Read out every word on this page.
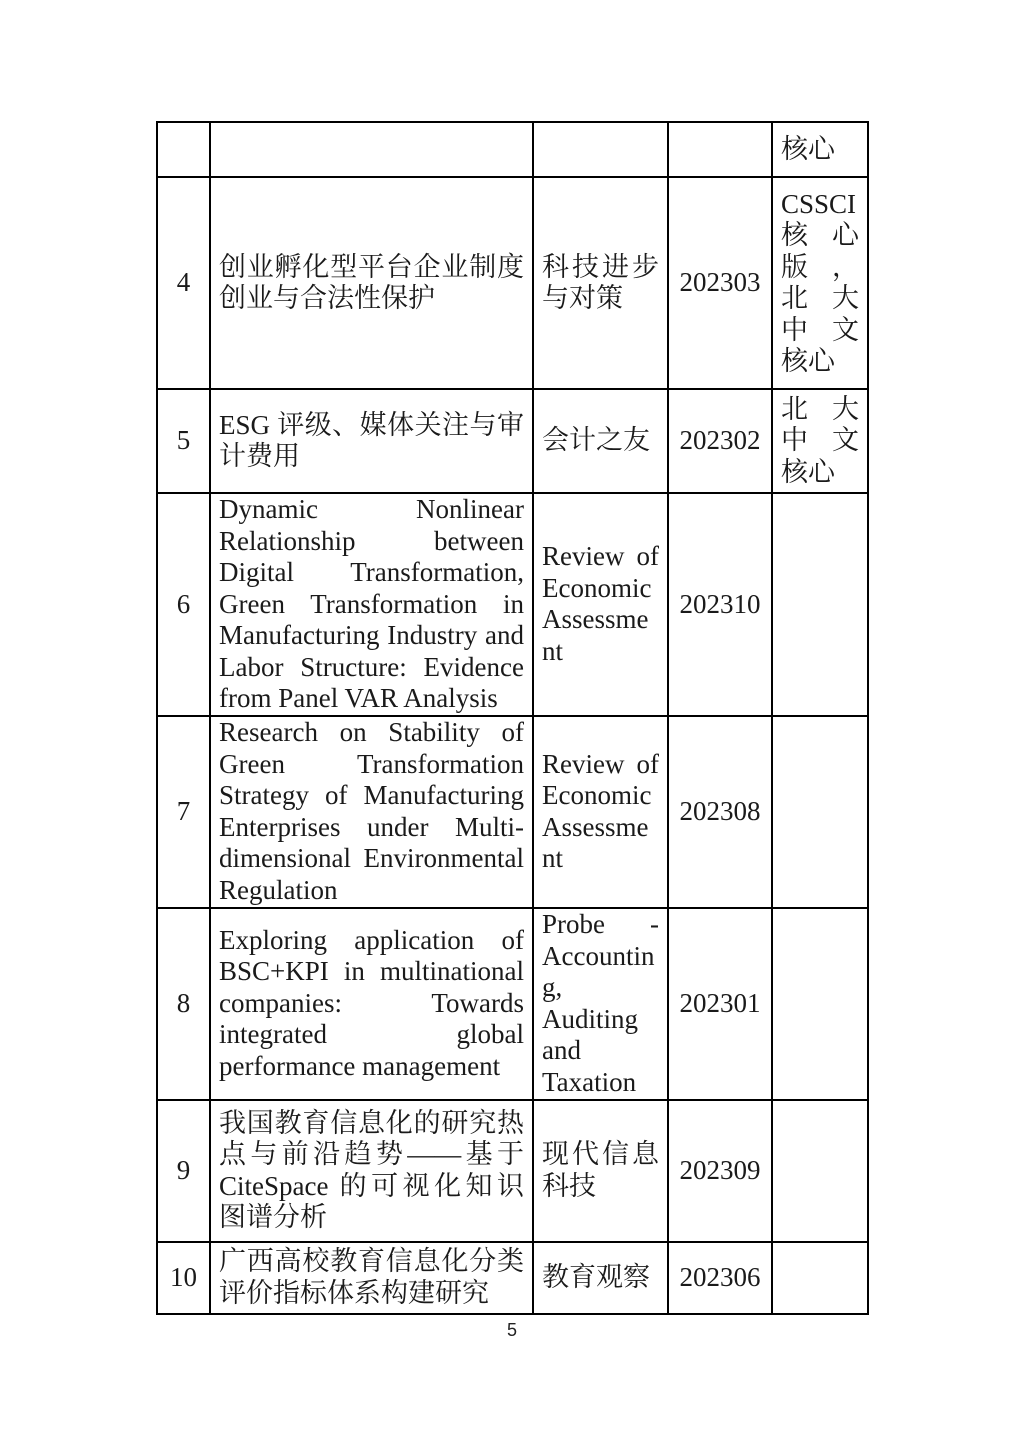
				核心
4	创业孵化型平台企业制度创业与合法性保护	科技进步与对策	202303	CSSCI 核心版，北大中文核心
5	ESG 评级、媒体关注与审计费用	会计之友	202302	北大中文核心
6	Dynamic Nonlinear Relationship between Digital Transformation, Green Transformation in Manufacturing Industry and Labor Structure: Evidence from Panel VAR Analysis	Review of Economic Assessment	202310	
7	Research on Stability of Green Transformation Strategy of Manufacturing Enterprises under Multi-dimensional Environmental Regulation	Review of Economic Assessment	202308	
8	Exploring application of BSC+KPI in multinational companies: Towards integrated global performance management	Probe - Accounting, Auditing and Taxation	202301	
9	我国教育信息化的研究热点与前沿趋势——基于 CiteSpace 的可视化知识图谱分析	现代信息科技	202309	
10	广西高校教育信息化分类评价指标体系构建研究	教育观察	202306	
5
